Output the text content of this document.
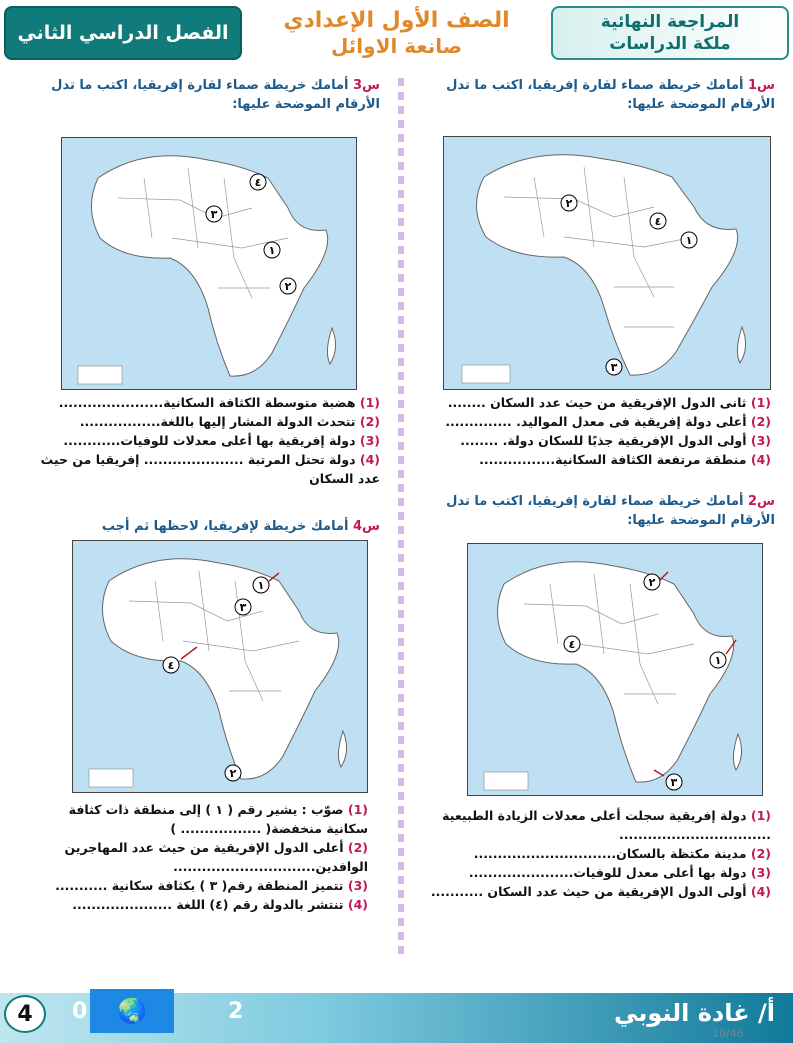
المراجعة النهائية
ملكة الدراسات
الصف الأول الإعدادي
صانعة الاوائل
الفصل الدراسي الثاني
س1 أمامك خريطة صماء لقارة إفريقيا، اكتب ما تدل الأرقام الموضحة عليها:
١
٢
٣
٤
(1) ثانى الدول الإفريقية من حيث عدد السكان ........
(2) أعلى دولة إفريقية فى معدل المواليد. ..............
(3) أولى الدول الإفريقية جذبًا للسكان دولة. ........
(4) منطقة مرتفعة الكثافة السكانية................
س2 أمامك خريطة صماء لقارة إفريقيا، اكتب ما تدل الأرقام الموضحة عليها:
١
٢
٣
٤
(1) دولة إفريقية سجلت أعلى معدلات الزيادة الطبيعية ................................
(2) مدينة مكتظة بالسكان..............................
(3) دولة بها أعلى معدل للوفيات......................
(4) أولى الدول الإفريقية من حيث عدد السكان ...........
س3 أمامك خريطة صماء لقارة إفريقيا، اكتب ما تدل الأرقام الموضحة عليها:
١
٢
٣
٤
(1) هضبة متوسطة الكثافة السكانية......................
(2) تتحدث الدولة المشار إليها باللغة.................
(3) دولة إفريقية بها أعلى معدلات للوفيات............
(4) دولة تحتل المرتبة ..................... إفريقيا من حيث عدد السكان
س4 أمامك خريطة لإفريقيا، لاحظها ثم أجب
١
٢
٣
٤
(1) صوّب : يشير رقم ( ١ ) إلى منطقة ذات كثافة سكانية منخفضة( ................. )
(2) أعلى الدول الإفريقية من حيث عدد المهاجرين الوافدين..............................
(3) تتميز المنطقة رقم( ٣ ) بكثافة سكانية ...........
(4) تنتشر بالدولة رقم (٤) اللغة .....................
أ/ غادة النوبي
4	0	🌏	2
10/46
